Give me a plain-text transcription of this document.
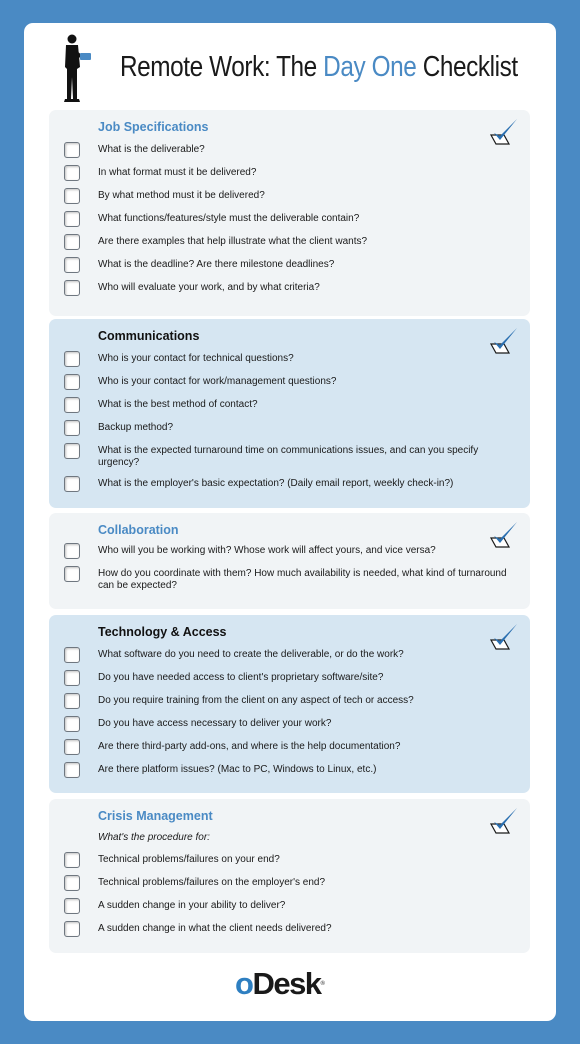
Remote Work: The Day One Checklist
Job Specifications
What is the deliverable?
In what format must it be delivered?
By what method must it be delivered?
What functions/features/style must the deliverable contain?
Are there examples that help illustrate what the client wants?
What is the deadline? Are there milestone deadlines?
Who will evaluate your work, and by what criteria?
Communications
Who is your contact for technical questions?
Who is your contact for work/management questions?
What is the best method of contact?
Backup method?
What is the expected turnaround time on communications issues, and can you specify urgency?
What is the employer's basic expectation? (Daily email report, weekly check-in?)
Collaboration
Who will you be working with? Whose work will affect yours, and vice versa?
How do you coordinate with them? How much availability is needed, what kind of turnaround can be expected?
Technology & Access
What software do you need to create the deliverable, or do the work?
Do you have needed access to client's proprietary software/site?
Do you require training from the client on any aspect of tech or access?
Do you have access necessary to deliver your work?
Are there third-party add-ons, and where is the help documentation?
Are there platform issues? (Mac to PC, Windows to Linux, etc.)
Crisis Management
What's the procedure for:
Technical problems/failures on your end?
Technical problems/failures on the employer's end?
A sudden change in your ability to deliver?
A sudden change in what the client needs delivered?
oDesk®
